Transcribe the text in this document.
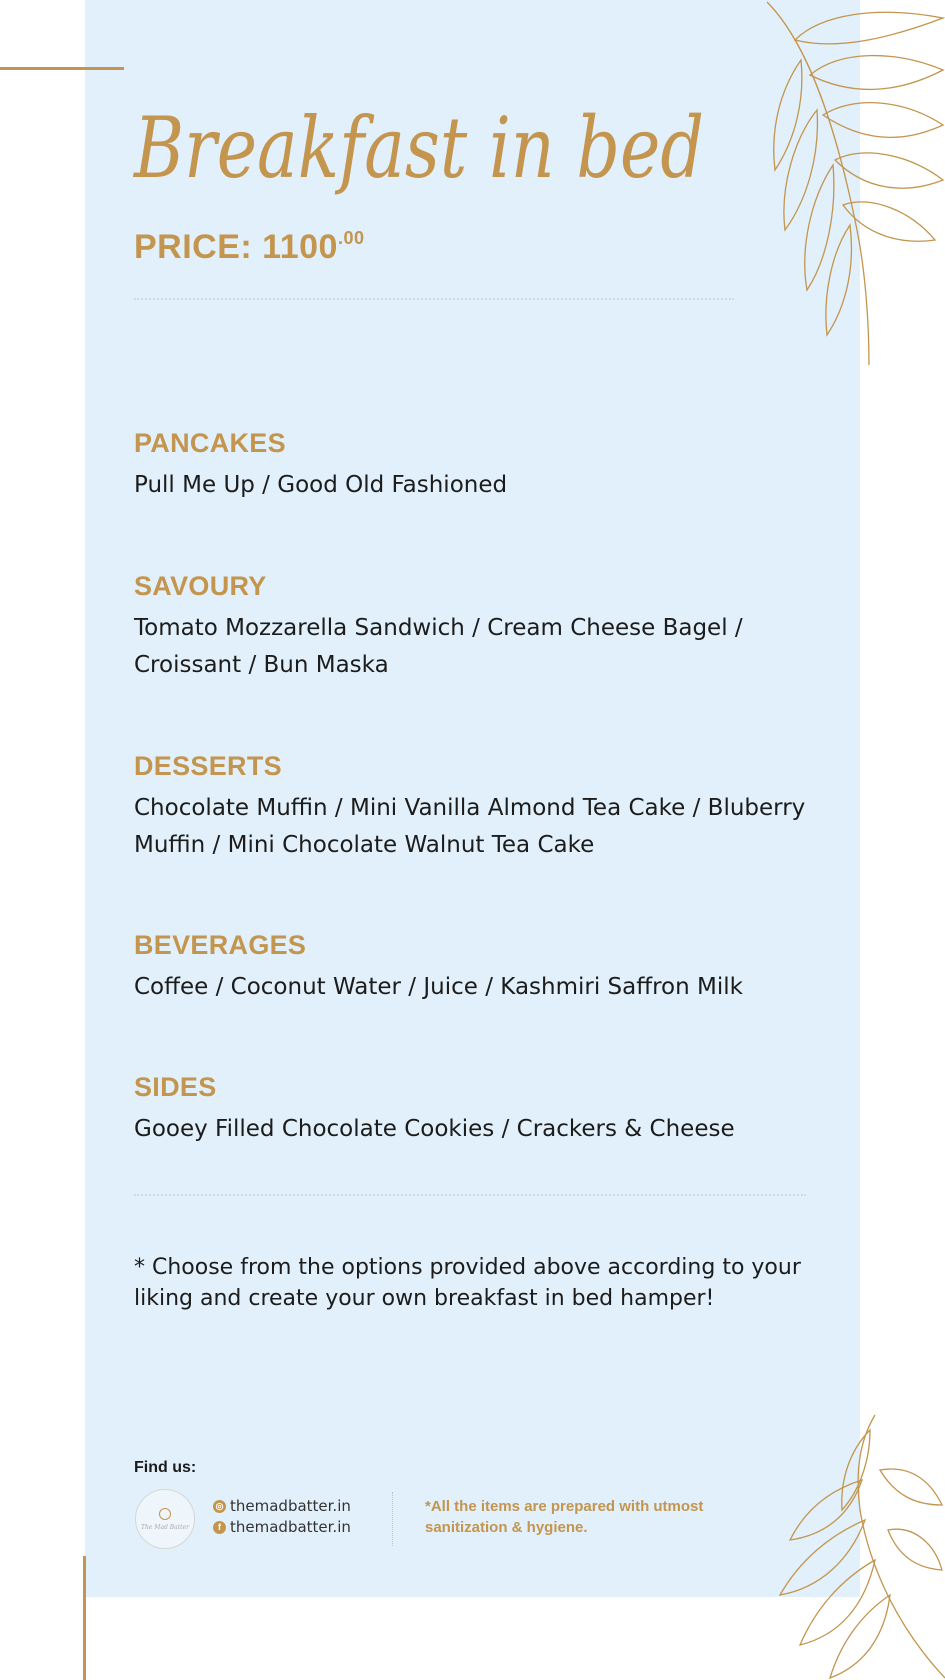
Breakfast in bed
PRICE: $1100^{.00}$
PANCAKES

Pull Me Up / Good Old Fashioned

SAVOURY

Tomato Mozzarella Sandwich / Cream Cheese Bagel / Croissant / Bun Maska

DESSERTS

Chocolate Muffin / Mini Vanilla Almond Tea Cake / Bluberry Muffin / Mini Chocolate Walnut Tea Cake

BEVERAGES

Coffee / Coconut Water / Juice / Kashmiri Saffron Milk

SIDES

Gooey Filled Chocolate Cookies / Crackers & Cheese

* Choose from the options provided above according to your liking and create your own breakfast in bed hamper!
Find us:
The Mad Batter
◎ themadbatter.in
f themadbatter.in
*All the items are prepared with utmost sanitization & hygiene.
